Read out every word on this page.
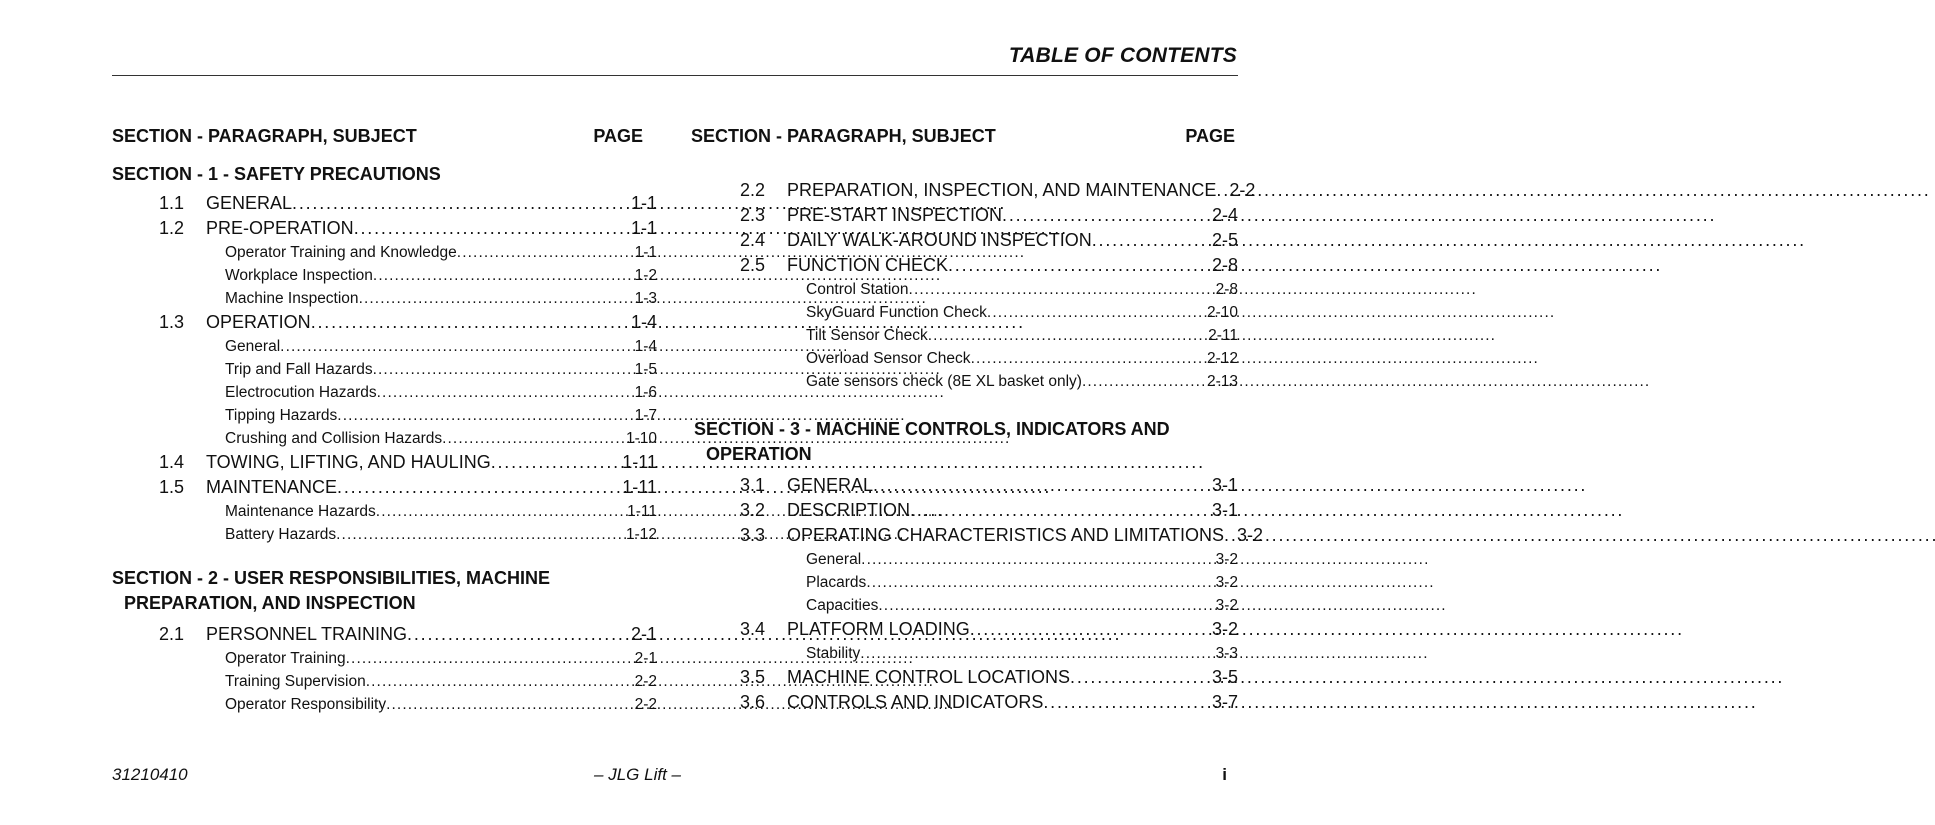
TABLE OF CONTENTS
SECTION - PARAGRAPH, SUBJECT	PAGE
SECTION - 1 - SAFETY PRECAUTIONS
1.1	GENERAL . . .	1-1
1.2	PRE-OPERATION . . .	1-1
Operator Training and Knowledge . . .	1-1
Workplace Inspection . . .	1-2
Machine Inspection . . .	1-3
1.3	OPERATION . . .	1-4
General . . .	1-4
Trip and Fall Hazards . . .	1-5
Electrocution Hazards . . .	1-6
Tipping Hazards . . .	1-7
Crushing and Collision Hazards . . .	1-10
1.4	TOWING, LIFTING, AND HAULING . . .	1-11
1.5	MAINTENANCE . . .	1-11
Maintenance Hazards . . .	1-11
Battery Hazards . . .	1-12
SECTION - 2 - USER RESPONSIBILITIES, MACHINE
PREPARATION, AND INSPECTION
2.1	PERSONNEL TRAINING . . .	2-1
Operator Training . . .	2-1
Training Supervision . . .	2-2
Operator Responsibility . . .	2-2
SECTION - PARAGRAPH, SUBJECT	PAGE
2.2	PREPARATION, INSPECTION, AND MAINTENANCE . . . 2-2
2.3	PRE-START INSPECTION . . .	2-4
2.4	DAILY WALK-AROUND INSPECTION . . .	2-5
2.5	FUNCTION CHECK . . .	2-8
Control Station . . .	2-8
SkyGuard Function Check . . .	2-10
Tilt Sensor Check . . .	2-11
Overload Sensor Check . . .	2-12
Gate sensors check (8E XL basket only) . . .	2-13
SECTION - 3 - MACHINE CONTROLS, INDICATORS AND
OPERATION
3.1	GENERAL . . .	3-1
3.2	DESCRIPTION . . .	3-1
3.3	OPERATING CHARACTERISTICS AND LIMITATIONS . . . 3-2
General . . .	3-2
Placards . . .	3-2
Capacities . . .	3-2
3.4	PLATFORM LOADING . . .	3-2
Stability . . .	3-3
3.5	MACHINE CONTROL LOCATIONS . . .	3-5
3.6	CONTROLS AND INDICATORS . . .	3-7
31210410	– JLG Lift –	i
